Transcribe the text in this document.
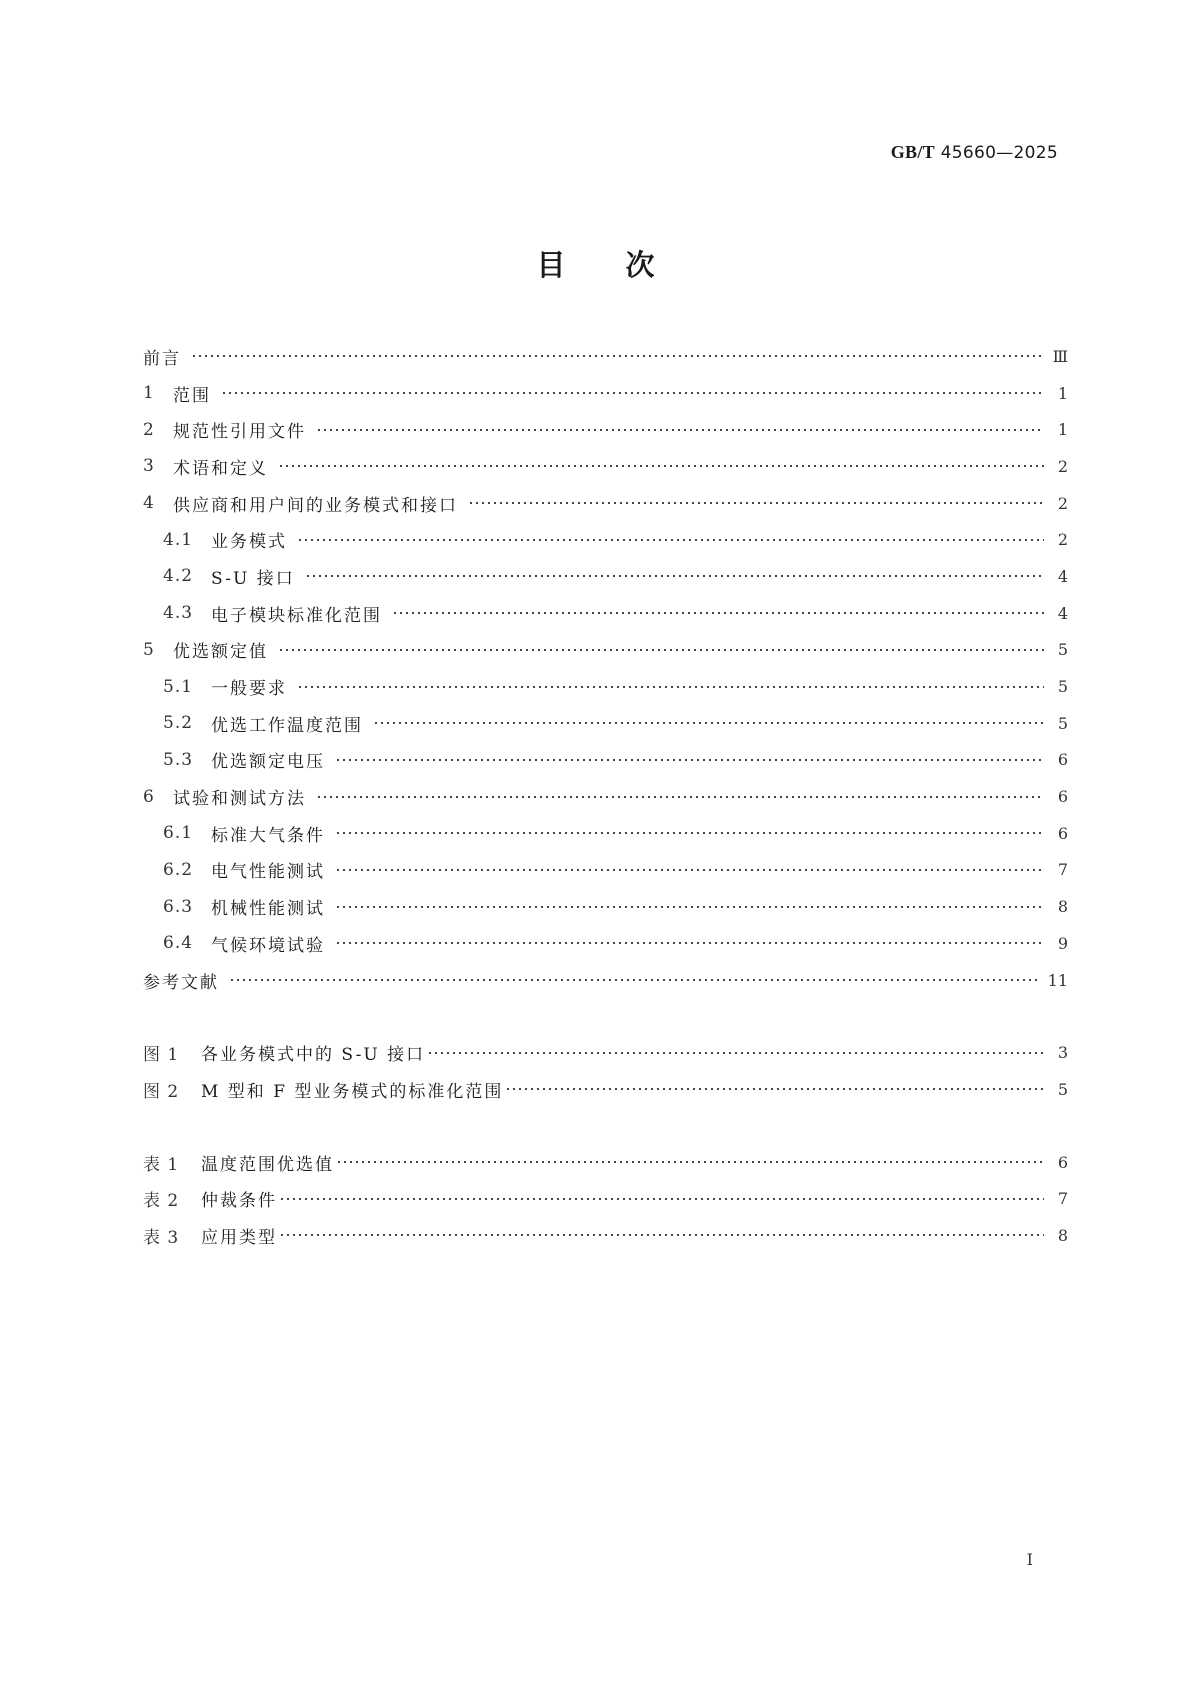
GB/T 45660—2025
目次
前言	Ⅲ
1	范围	1
2	规范性引用文件	1
3	术语和定义	2
4	供应商和用户间的业务模式和接口	2
4.1	业务模式	2
4.2	S-U 接口	4
4.3	电子模块标准化范围	4
5	优选额定值	5
5.1	一般要求	5
5.2	优选工作温度范围	5
5.3	优选额定电压	6
6	试验和测试方法	6
6.1	标准大气条件	6
6.2	电气性能测试	7
6.3	机械性能测试	8
6.4	气候环境试验	9
参考文献	11
图 1	各业务模式中的 S-U 接口	3
图 2	M 型和 F 型业务模式的标准化范围	5
表 1	温度范围优选值	6
表 2	仲裁条件	7
表 3	应用类型	8
I
